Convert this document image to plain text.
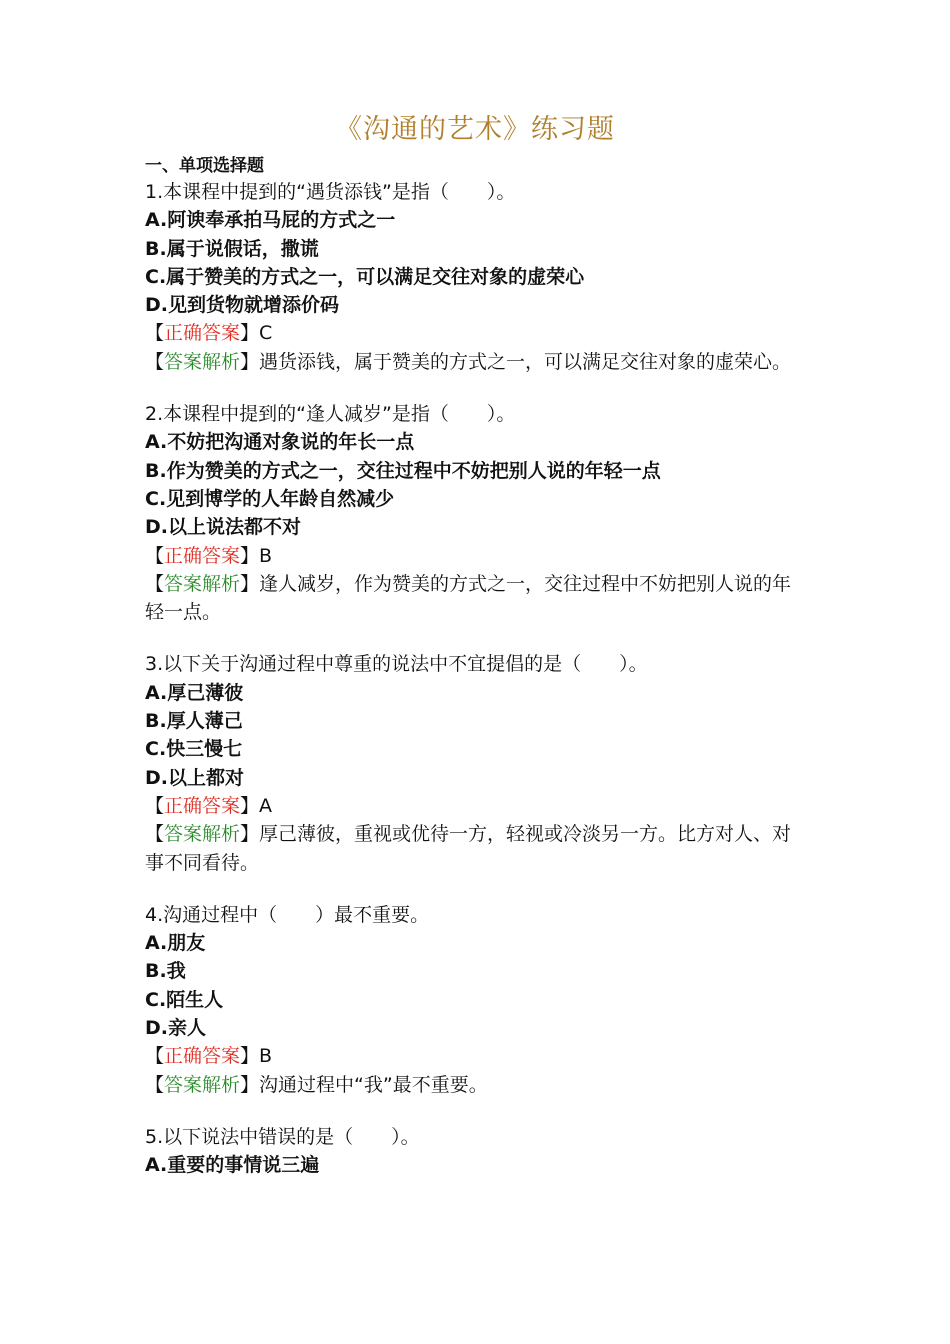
《沟通的艺术》练习题
一、单项选择题
1.本课程中提到的“遇货添钱”是指（　　）。
A.阿谀奉承拍马屁的方式之一
B.属于说假话，撒谎
C.属于赞美的方式之一，可以满足交往对象的虚荣心
D.见到货物就增添价码
【正确答案】C
【答案解析】遇货添钱，属于赞美的方式之一，可以满足交往对象的虚荣心。
2.本课程中提到的“逢人减岁”是指（　　）。
A.不妨把沟通对象说的年长一点
B.作为赞美的方式之一，交往过程中不妨把别人说的年轻一点
C.见到博学的人年龄自然减少
D.以上说法都不对
【正确答案】B
【答案解析】逢人减岁，作为赞美的方式之一，交往过程中不妨把别人说的年轻一点。
3.以下关于沟通过程中尊重的说法中不宜提倡的是（　　）。
A.厚己薄彼
B.厚人薄己
C.快三慢七
D.以上都对
【正确答案】A
【答案解析】厚己薄彼，重视或优待一方，轻视或冷淡另一方。比方对人、对事不同看待。
4.沟通过程中（　　）最不重要。
A.朋友
B.我
C.陌生人
D.亲人
【正确答案】B
【答案解析】沟通过程中“我”最不重要。
5.以下说法中错误的是（　　）。
A.重要的事情说三遍
